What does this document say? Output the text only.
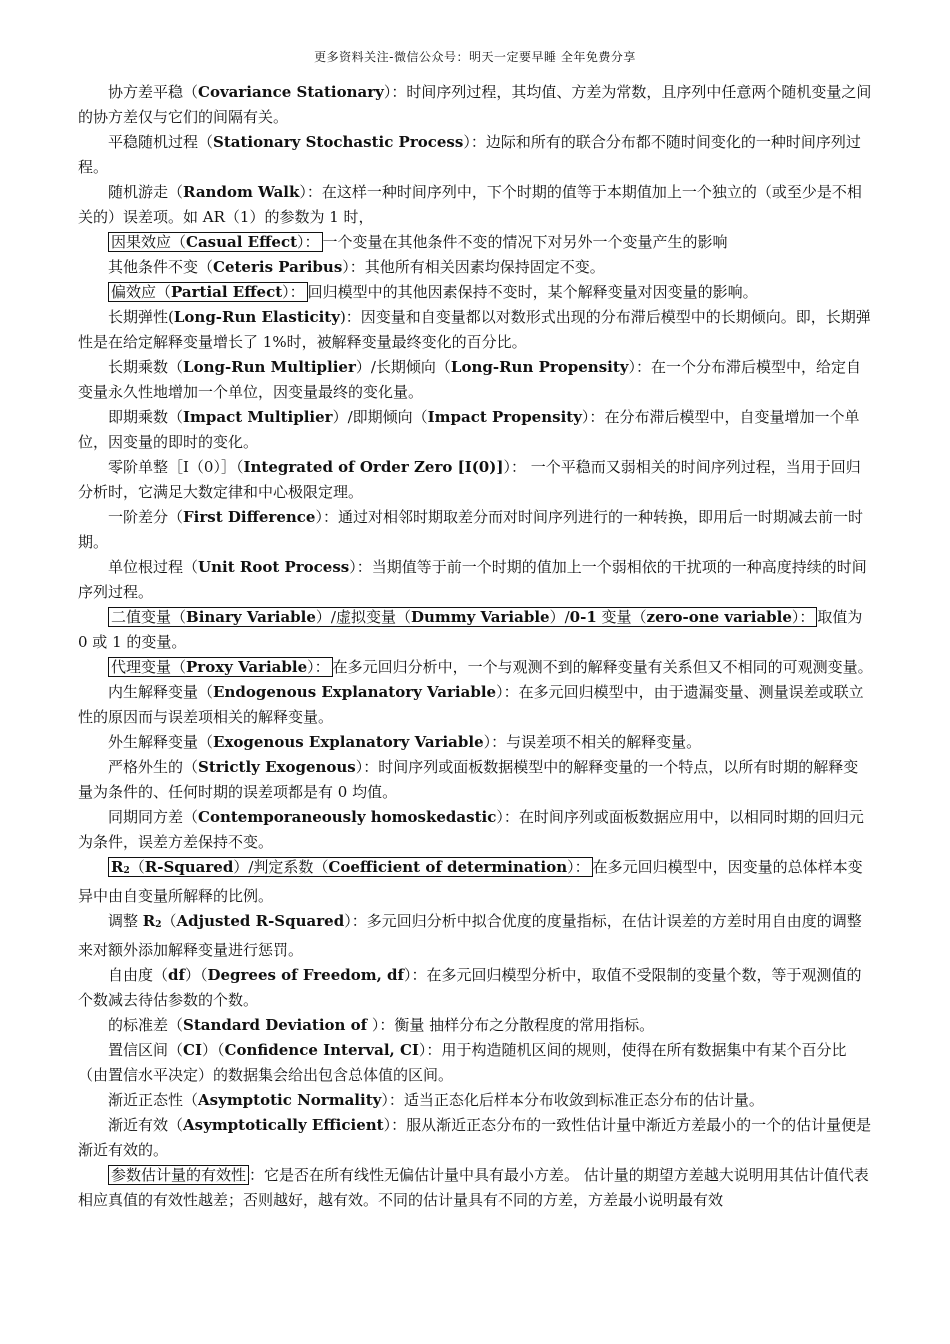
更多资料关注-微信公众号：明天一定要早睡 全年免费分享

协方差平稳（Covariance Stationary）：时间序列过程，其均值、方差为常数，且序列中任意两个随机变量之间的协方差仅与它们的间隔有关。

平稳随机过程（Stationary Stochastic Process）：边际和所有的联合分布都不随时间变化的一种时间序列过程。

随机游走（Random Walk）：在这样一种时间序列中，下个时期的值等于本期值加上一个独立的（或至少是不相关的）误差项。如 AR（1）的参数为 1 时，

因果效应（Casual Effect）： 一个变量在其他条件不变的情况下对另外一个变量产生的影响

其他条件不变（Ceteris Paribus）：其他所有相关因素均保持固定不变。

偏效应（Partial Effect）： 回归模型中的其他因素保持不变时，某个解释变量对因变量的影响。

长期弹性(Long-Run Elasticity)：因变量和自变量都以对数形式出现的分布滞后模型中的长期倾向。即，长期弹性是在给定解释变量增长了 1%时，被解释变量最终变化的百分比。

长期乘数（Long-Run Multiplier）/长期倾向（Long-Run Propensity）：在一个分布滞后模型中，给定自变量永久性地增加一个单位，因变量最终的变化量。

即期乘数（Impact Multiplier）/即期倾向（Impact Propensity）：在分布滞后模型中，自变量增加一个单位，因变量的即时的变化。

零阶单整［I（0）］（Integrated of Order Zero [I(0)]）： 一个平稳而又弱相关的时间序列过程，当用于回归分析时，它满足大数定律和中心极限定理。

一阶差分（First Difference）：通过对相邻时期取差分而对时间序列进行的一种转换，即用后一时期减去前一时期。

单位根过程（Unit Root Process）：当期值等于前一个时期的值加上一个弱相依的干扰项的一种高度持续的时间序列过程。

二值变量（Binary Variable）/虚拟变量（Dummy Variable）/0-1 变量（zero-one variable）： 取值为 0 或 1 的变量。

代理变量（Proxy Variable）： 在多元回归分析中，一个与观测不到的解释变量有关系但又不相同的可观测变量。

内生解释变量（Endogenous Explanatory Variable）：在多元回归模型中，由于遗漏变量、测量误差或联立性的原因而与误差项相关的解释变量。

外生解释变量（Exogenous Explanatory Variable）：与误差项不相关的解释变量。

严格外生的（Strictly Exogenous）：时间序列或面板数据模型中的解释变量的一个特点，以所有时期的解释变量为条件的、任何时期的误差项都是有 0 均值。

同期同方差（Contemporaneously homoskedastic）：在时间序列或面板数据应用中，以相同时期的回归元为条件，误差方差保持不变。

$R_2(R-Squared)/$判定系数（Coefficient of determination）： 在多元回归模型中，因变量的总体样本变异中由自变量所解释的比例。

调整 $R_2(Adjusted$ R-Squared）：多元回归分析中拟合优度的度量指标，在估计误差的方差时用自由度的调整来对额外添加解释变量进行惩罚。

自由度（df）（Degrees of Freedom, df）：在多元回归模型分析中，取值不受限制的变量个数，等于观测值的个数减去待估参数的个数。

的标准差（Standard Deviation of ）：衡量 抽样分布之分散程度的常用指标。

置信区间（CI）（Confidence Interval, CI）：用于构造随机区间的规则，使得在所有数据集中有某个百分比（由置信水平决定）的数据集会给出包含总体值的区间。

渐近正态性（Asymptotic Normality）：适当正态化后样本分布收敛到标准正态分布的估计量。

渐近有效（Asymptotically Efficient）：服从渐近正态分布的一致性估计量中渐近方差最小的一个的估计量便是渐近有效的。

参数估计量的有效性 ：它是否在所有线性无偏估计量中具有最小方差。 估计量的期望方差越大说明用其估计值代表相应真值的有效性越差；否则越好，越有效。不同的估计量具有不同的方差，方差最小说明最有效
